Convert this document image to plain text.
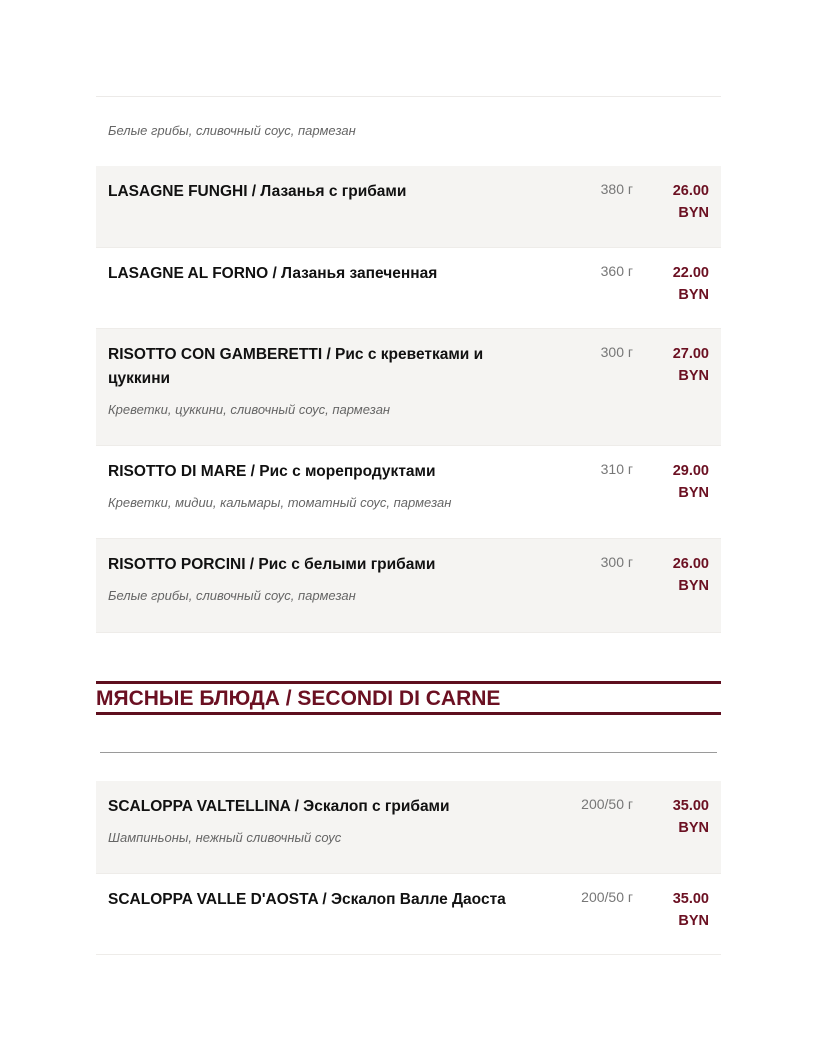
Белые грибы, сливочный соус, пармезан
LASAGNE FUNGHI / Лазанья с грибами	380 г	26.00
BYN
LASAGNE AL FORNO / Лазанья запеченная	360 г	22.00
BYN
RISOTTO CON GAMBERETTI / Рис с креветками и цуккини
Креветки, цуккини, сливочный соус, пармезан
300 г	27.00
BYN
RISOTTO DI MARE / Рис с морепродуктами
Креветки, мидии, кальмары, томатный соус, пармезан
310 г	29.00
BYN
RISOTTO PORCINI / Рис с белыми грибами
Белые грибы, сливочный соус, пармезан
300 г	26.00
BYN
МЯСНЫЕ БЛЮДА / SECONDI DI CARNE
SCALOPPA VALTELLINA / Эскалоп с грибами
Шампиньоны, нежный сливочный соус
200/50 г	35.00
BYN
SCALOPPA VALLE D'AOSTA / Эскалоп Валле Даоста	200/50 г	35.00
BYN
